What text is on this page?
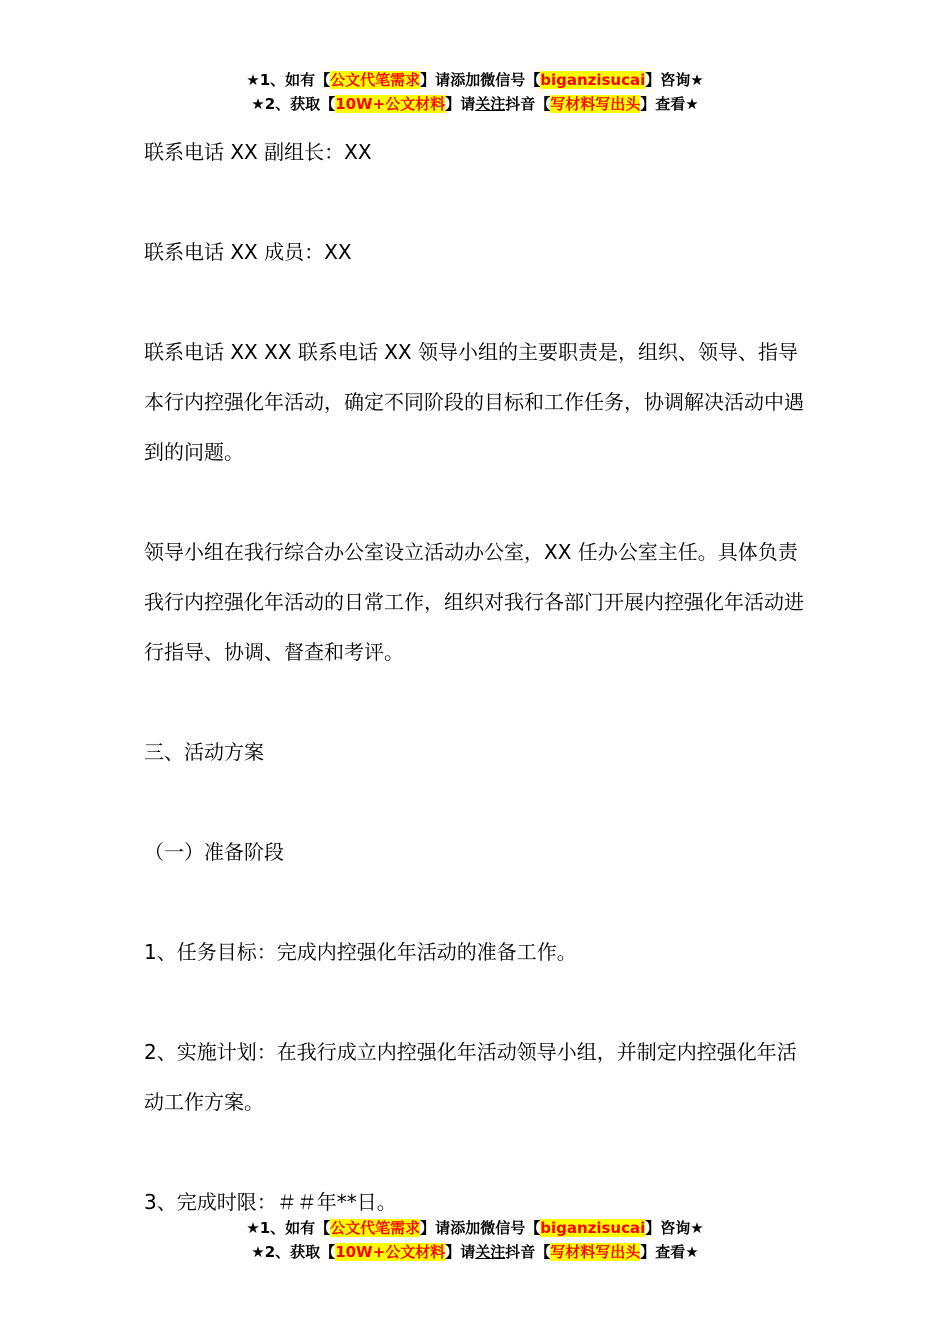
★1、如有【公文代笔需求】请添加微信号【biganzisucai】咨询★
★2、获取【10W+公文材料】请关注抖音【写材料写出头】查看★

联系电话 XX 副组长：XX

联系电话 XX 成员：XX

联系电话 XX XX 联系电话 XX 领导小组的主要职责是，组织、领导、指导本行内控强化年活动，确定不同阶段的目标和工作任务，协调解决活动中遇到的问题。

领导小组在我行综合办公室设立活动办公室，XX 任办公室主任。具体负责我行内控强化年活动的日常工作，组织对我行各部门开展内控强化年活动进行指导、协调、督查和考评。

三、活动方案

（一）准备阶段

1、任务目标：完成内控强化年活动的准备工作。

2、实施计划：在我行成立内控强化年活动领导小组，并制定内控强化年活动工作方案。

3、完成时限：＃＃年**日。

★1、如有【公文代笔需求】请添加微信号【biganzisucai】咨询★
★2、获取【10W+公文材料】请关注抖音【写材料写出头】查看★
